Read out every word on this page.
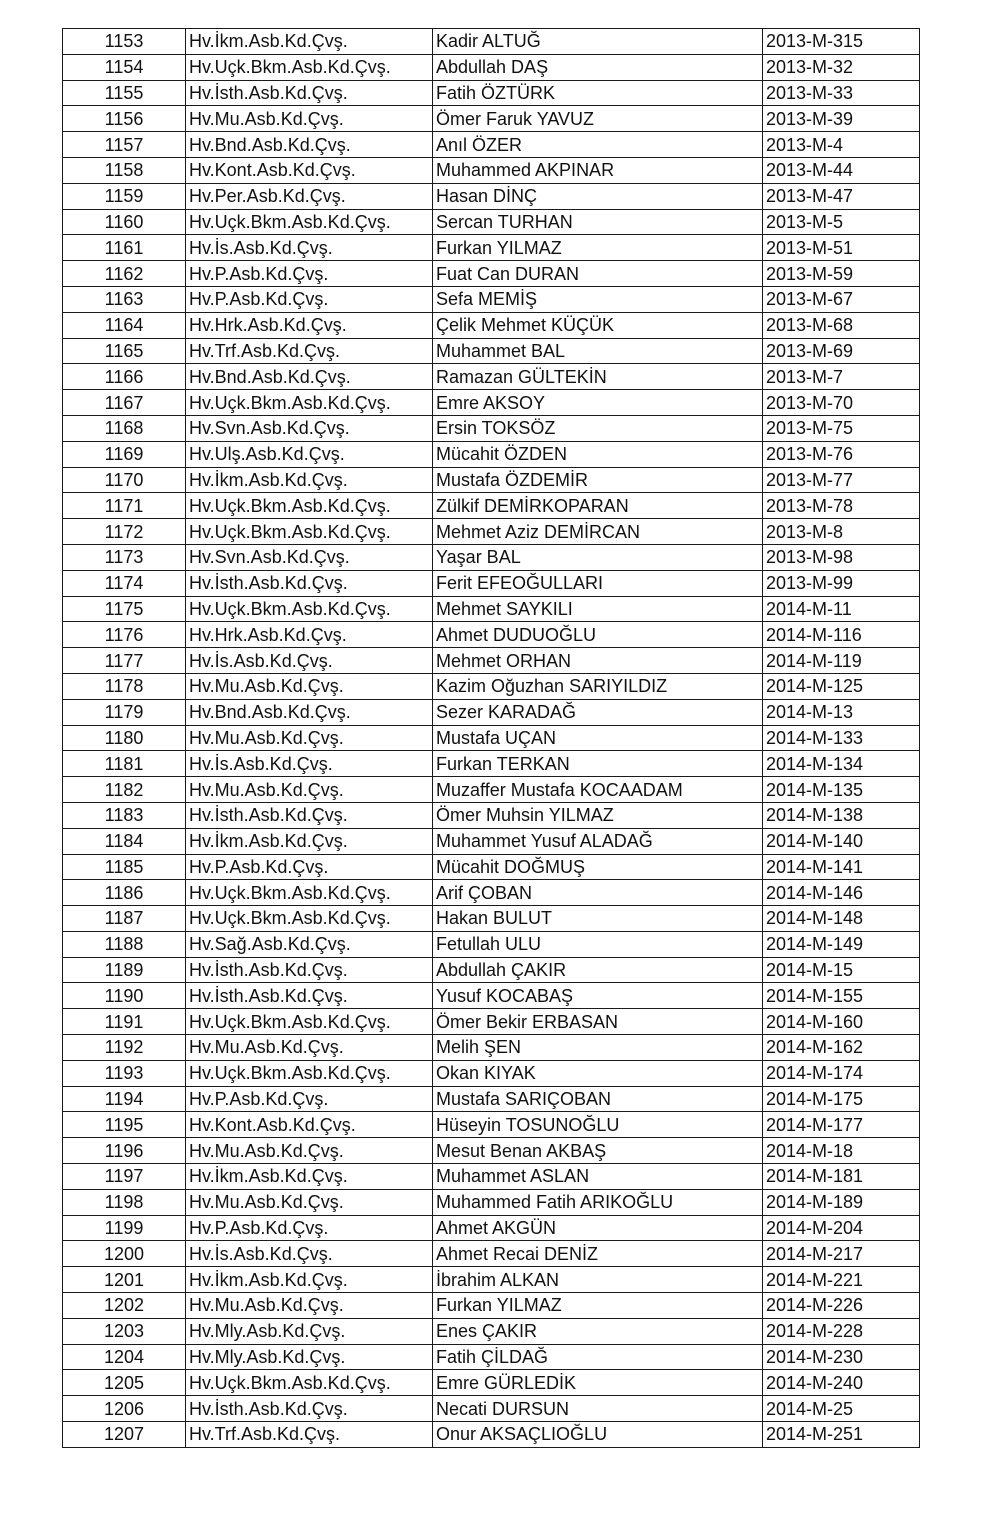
1153	Hv.İkm.Asb.Kd.Çvş.	Kadir ALTUĞ	2013-M-315
1154	Hv.Uçk.Bkm.Asb.Kd.Çvş.	Abdullah DAŞ	2013-M-32
1155	Hv.İsth.Asb.Kd.Çvş.	Fatih ÖZTÜRK	2013-M-33
1156	Hv.Mu.Asb.Kd.Çvş.	Ömer Faruk YAVUZ	2013-M-39
1157	Hv.Bnd.Asb.Kd.Çvş.	Anıl ÖZER	2013-M-4
1158	Hv.Kont.Asb.Kd.Çvş.	Muhammed AKPINAR	2013-M-44
1159	Hv.Per.Asb.Kd.Çvş.	Hasan DİNÇ	2013-M-47
1160	Hv.Uçk.Bkm.Asb.Kd.Çvş.	Sercan TURHAN	2013-M-5
1161	Hv.İs.Asb.Kd.Çvş.	Furkan YILMAZ	2013-M-51
1162	Hv.P.Asb.Kd.Çvş.	Fuat Can DURAN	2013-M-59
1163	Hv.P.Asb.Kd.Çvş.	Sefa MEMİŞ	2013-M-67
1164	Hv.Hrk.Asb.Kd.Çvş.	Çelik Mehmet KÜÇÜK	2013-M-68
1165	Hv.Trf.Asb.Kd.Çvş.	Muhammet BAL	2013-M-69
1166	Hv.Bnd.Asb.Kd.Çvş.	Ramazan GÜLTEKİN	2013-M-7
1167	Hv.Uçk.Bkm.Asb.Kd.Çvş.	Emre AKSOY	2013-M-70
1168	Hv.Svn.Asb.Kd.Çvş.	Ersin TOKSÖZ	2013-M-75
1169	Hv.Ulş.Asb.Kd.Çvş.	Mücahit ÖZDEN	2013-M-76
1170	Hv.İkm.Asb.Kd.Çvş.	Mustafa ÖZDEMİR	2013-M-77
1171	Hv.Uçk.Bkm.Asb.Kd.Çvş.	Zülkif DEMİRKOPARAN	2013-M-78
1172	Hv.Uçk.Bkm.Asb.Kd.Çvş.	Mehmet Aziz DEMİRCAN	2013-M-8
1173	Hv.Svn.Asb.Kd.Çvş.	Yaşar BAL	2013-M-98
1174	Hv.İsth.Asb.Kd.Çvş.	Ferit EFEOĞULLARI	2013-M-99
1175	Hv.Uçk.Bkm.Asb.Kd.Çvş.	Mehmet SAYKILI	2014-M-11
1176	Hv.Hrk.Asb.Kd.Çvş.	Ahmet DUDUOĞLU	2014-M-116
1177	Hv.İs.Asb.Kd.Çvş.	Mehmet ORHAN	2014-M-119
1178	Hv.Mu.Asb.Kd.Çvş.	Kazim Oğuzhan SARIYILDIZ	2014-M-125
1179	Hv.Bnd.Asb.Kd.Çvş.	Sezer KARADAĞ	2014-M-13
1180	Hv.Mu.Asb.Kd.Çvş.	Mustafa UÇAN	2014-M-133
1181	Hv.İs.Asb.Kd.Çvş.	Furkan TERKAN	2014-M-134
1182	Hv.Mu.Asb.Kd.Çvş.	Muzaffer Mustafa KOCAADAM	2014-M-135
1183	Hv.İsth.Asb.Kd.Çvş.	Ömer Muhsin YILMAZ	2014-M-138
1184	Hv.İkm.Asb.Kd.Çvş.	Muhammet Yusuf ALADAĞ	2014-M-140
1185	Hv.P.Asb.Kd.Çvş.	Mücahit DOĞMUŞ	2014-M-141
1186	Hv.Uçk.Bkm.Asb.Kd.Çvş.	Arif ÇOBAN	2014-M-146
1187	Hv.Uçk.Bkm.Asb.Kd.Çvş.	Hakan BULUT	2014-M-148
1188	Hv.Sağ.Asb.Kd.Çvş.	Fetullah ULU	2014-M-149
1189	Hv.İsth.Asb.Kd.Çvş.	Abdullah ÇAKIR	2014-M-15
1190	Hv.İsth.Asb.Kd.Çvş.	Yusuf KOCABAŞ	2014-M-155
1191	Hv.Uçk.Bkm.Asb.Kd.Çvş.	Ömer Bekir ERBASAN	2014-M-160
1192	Hv.Mu.Asb.Kd.Çvş.	Melih ŞEN	2014-M-162
1193	Hv.Uçk.Bkm.Asb.Kd.Çvş.	Okan KIYAK	2014-M-174
1194	Hv.P.Asb.Kd.Çvş.	Mustafa SARIÇOBAN	2014-M-175
1195	Hv.Kont.Asb.Kd.Çvş.	Hüseyin TOSUNOĞLU	2014-M-177
1196	Hv.Mu.Asb.Kd.Çvş.	Mesut Benan AKBAŞ	2014-M-18
1197	Hv.İkm.Asb.Kd.Çvş.	Muhammet ASLAN	2014-M-181
1198	Hv.Mu.Asb.Kd.Çvş.	Muhammed Fatih ARIKOĞLU	2014-M-189
1199	Hv.P.Asb.Kd.Çvş.	Ahmet AKGÜN	2014-M-204
1200	Hv.İs.Asb.Kd.Çvş.	Ahmet Recai DENİZ	2014-M-217
1201	Hv.İkm.Asb.Kd.Çvş.	İbrahim ALKAN	2014-M-221
1202	Hv.Mu.Asb.Kd.Çvş.	Furkan YILMAZ	2014-M-226
1203	Hv.Mly.Asb.Kd.Çvş.	Enes ÇAKIR	2014-M-228
1204	Hv.Mly.Asb.Kd.Çvş.	Fatih ÇİLDAĞ	2014-M-230
1205	Hv.Uçk.Bkm.Asb.Kd.Çvş.	Emre GÜRLEDİK	2014-M-240
1206	Hv.İsth.Asb.Kd.Çvş.	Necati DURSUN	2014-M-25
1207	Hv.Trf.Asb.Kd.Çvş.	Onur AKSAÇLIOĞLU	2014-M-251
